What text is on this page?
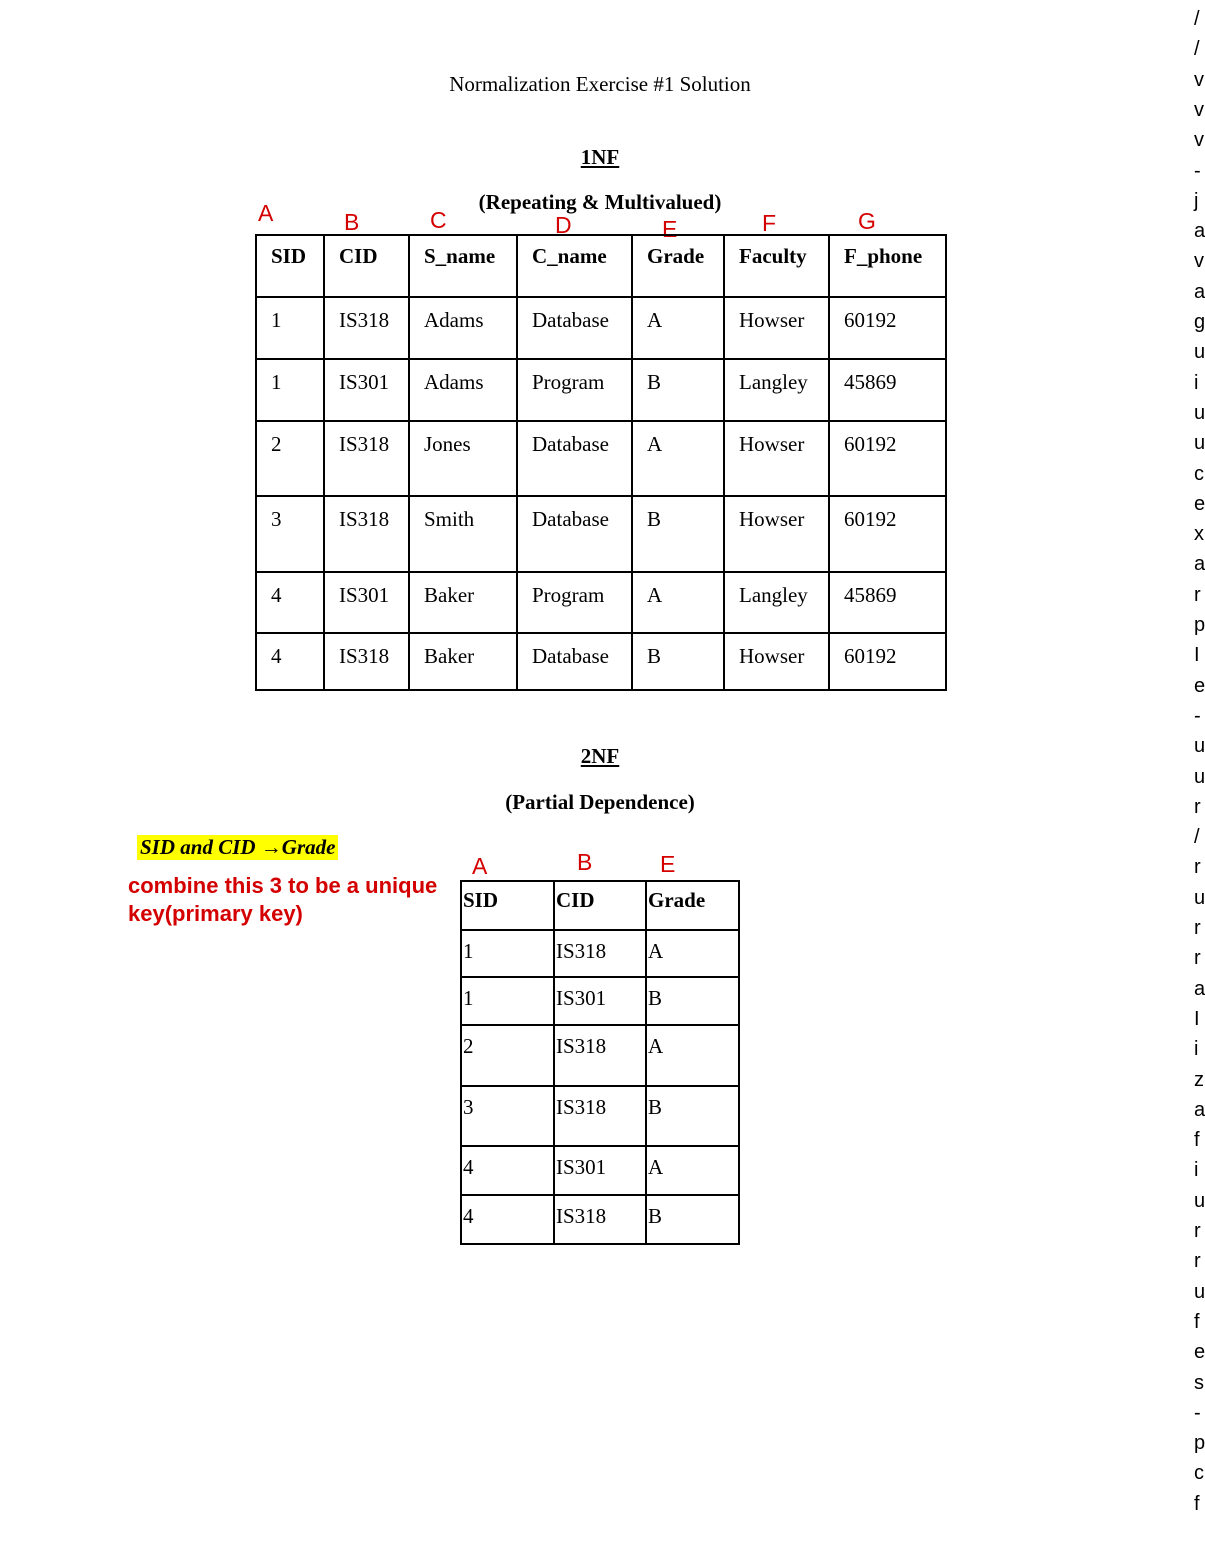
Normalization Exercise #1 Solution
1NF
(Repeating & Multivalued)
A	B	C	D	E	F	G
SID	CID	S_name	C_name	Grade	Faculty	F_phone
1	IS318	Adams	Database	A	Howser	60192
1	IS301	Adams	Program	B	Langley	45869
2	IS318	Jones	Database	A	Howser	60192
3	IS318	Smith	Database	B	Howser	60192
4	IS301	Baker	Program	A	Langley	45869
4	IS318	Baker	Database	B	Howser	60192
2NF
(Partial Dependence)
SID and CID →Grade
combine this 3 to be a unique key(primary key)
A	B	E
SID	CID	Grade
1	IS318	A
1	IS301	B
2	IS318	A
3	IS318	B
4	IS301	A
4	IS318	B
/
/
v
v
v
-
j
a
v
a
g
u
i
u
u
c
e
x
a
r
p
I
e
-
u
u
r
/
r
u
r
r
a
I
i
z
a
f
i
u
r
r
u
f
e
s
-
p
c
f
